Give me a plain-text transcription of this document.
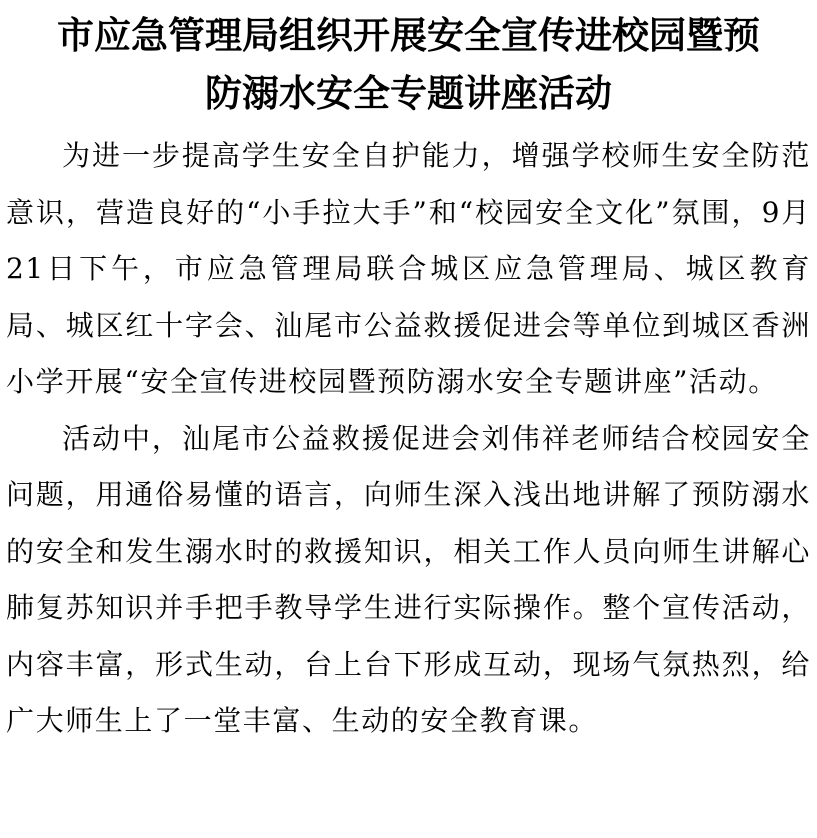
市应急管理局组织开展安全宣传进校园暨预
防溺水安全专题讲座活动

为进一步提高学生安全自护能力，增强学校师生安全防范意识，营造良好的“小手拉大手”和“校园安全文化”氛围，9月21日下午，市应急管理局联合城区应急管理局、城区教育局、城区红十字会、汕尾市公益救援促进会等单位到城区香洲小学开展“安全宣传进校园暨预防溺水安全专题讲座”活动。

活动中，汕尾市公益救援促进会刘伟祥老师结合校园安全问题，用通俗易懂的语言，向师生深入浅出地讲解了预防溺水的安全和发生溺水时的救援知识，相关工作人员向师生讲解心肺复苏知识并手把手教导学生进行实际操作。整个宣传活动，内容丰富，形式生动，台上台下形成互动，现场气氛热烈，给广大师生上了一堂丰富、生动的安全教育课。
